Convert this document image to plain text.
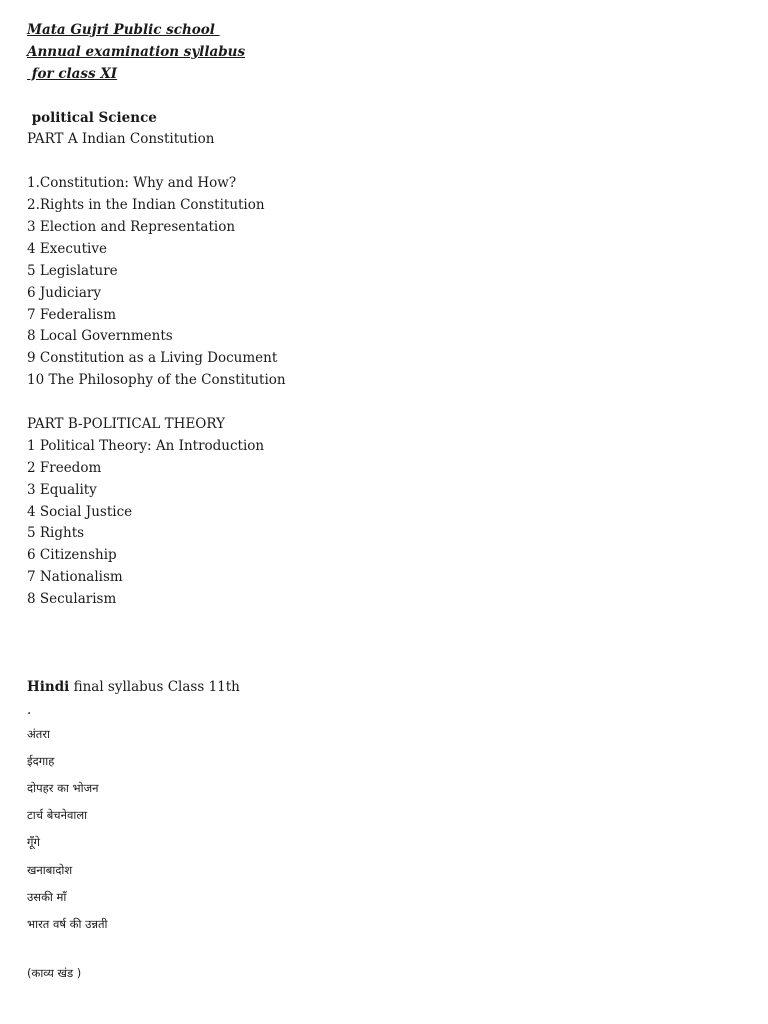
Mata Gujri Public school
Annual examination syllabus
for class XI
political Science
PART A Indian Constitution
1.Constitution: Why and How?
2.Rights in the Indian Constitution
3 Election and Representation
4 Executive
5 Legislature
6 Judiciary
7 Federalism
8 Local Governments
9 Constitution as a Living Document
10 The Philosophy of the Constitution
PART B-POLITICAL THEORY
1 Political Theory: An Introduction
2 Freedom
3 Equality
4 Social Justice
5 Rights
6 Citizenship
7 Nationalism
8 Secularism
Hindi final syllabus Class 11th
.
अंतरा
ईदगाह
दोपहर का भोजन
टार्च बेचनेवाला
गूँगे
खनाबादोश
उसकी माँ
भारत वर्ष की उन्नती
(काव्य खंड )
